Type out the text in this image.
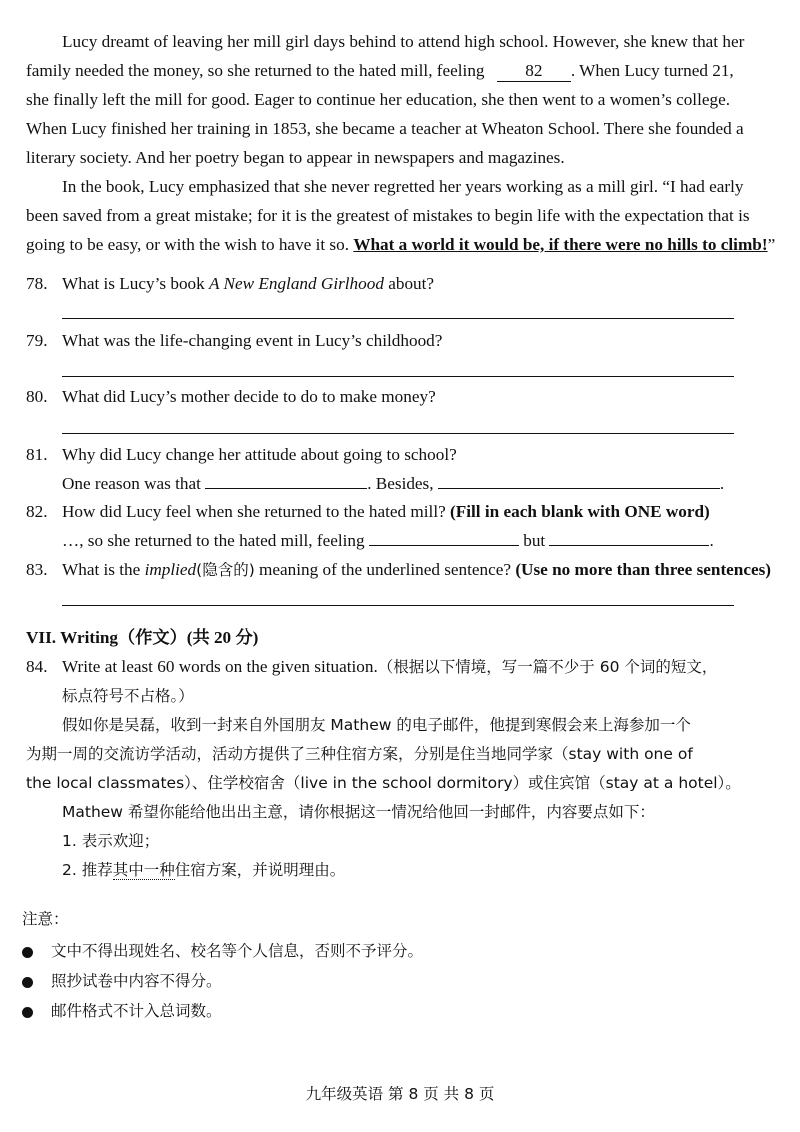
Lucy dreamt of leaving her mill girl days behind to attend high school. However, she knew that her
family needed the money, so she returned to the hated mill, feeling 82 . When Lucy turned 21,
she finally left the mill for good. Eager to continue her education, she then went to a women’s college.
When Lucy finished her training in 1853, she became a teacher at Wheaton School. There she founded a
literary society. And her poetry began to appear in newspapers and magazines.
In the book, Lucy emphasized that she never regretted her years working as a mill girl. “I had early
been saved from a great mistake; for it is the greatest of mistakes to begin life with the expectation that is
going to be easy, or with the wish to have it so. What a world it would be, if there were no hills to climb!”
78. What is Lucy’s book A New England Girlhood about?
79. What was the life-changing event in Lucy’s childhood?
80. What did Lucy’s mother decide to do to make money?
81. Why did Lucy change her attitude about going to school?
One reason was that	. Besides,	.
82. How did Lucy feel when she returned to the hated mill? (Fill in each blank with ONE word)
…, so she returned to the hated mill, feeling	but	.
83. What is the implied(隐含的) meaning of the underlined sentence? (Use no more than three sentences)
VII. Writing（作文）(共 20 分)
84. Write at least 60 words on the given situation.（根据以下情境，写一篇不少于 60 个词的短文，
标点符号不占格。）
假如你是吴磊，收到一封来自外国朋友 Mathew 的电子邮件，他提到寒假会来上海参加一个
为期一周的交流访学活动，活动方提供了三种住宿方案，分别是住当地同学家（stay with one of
the local classmates）、住学校宿舍（live in the school dormitory）或住宾馆（stay at a hotel）。
Mathew 希望你能给他出出主意，请你根据这一情况给他回一封邮件，内容要点如下：
1. 表示欢迎；
2. 推荐其中一种住宿方案，并说明理由。
注意：
文中不得出现姓名、校名等个人信息，否则不予评分。
照抄试卷中内容不得分。
邮件格式不计入总词数。
九年级英语 第 8 页 共 8 页
